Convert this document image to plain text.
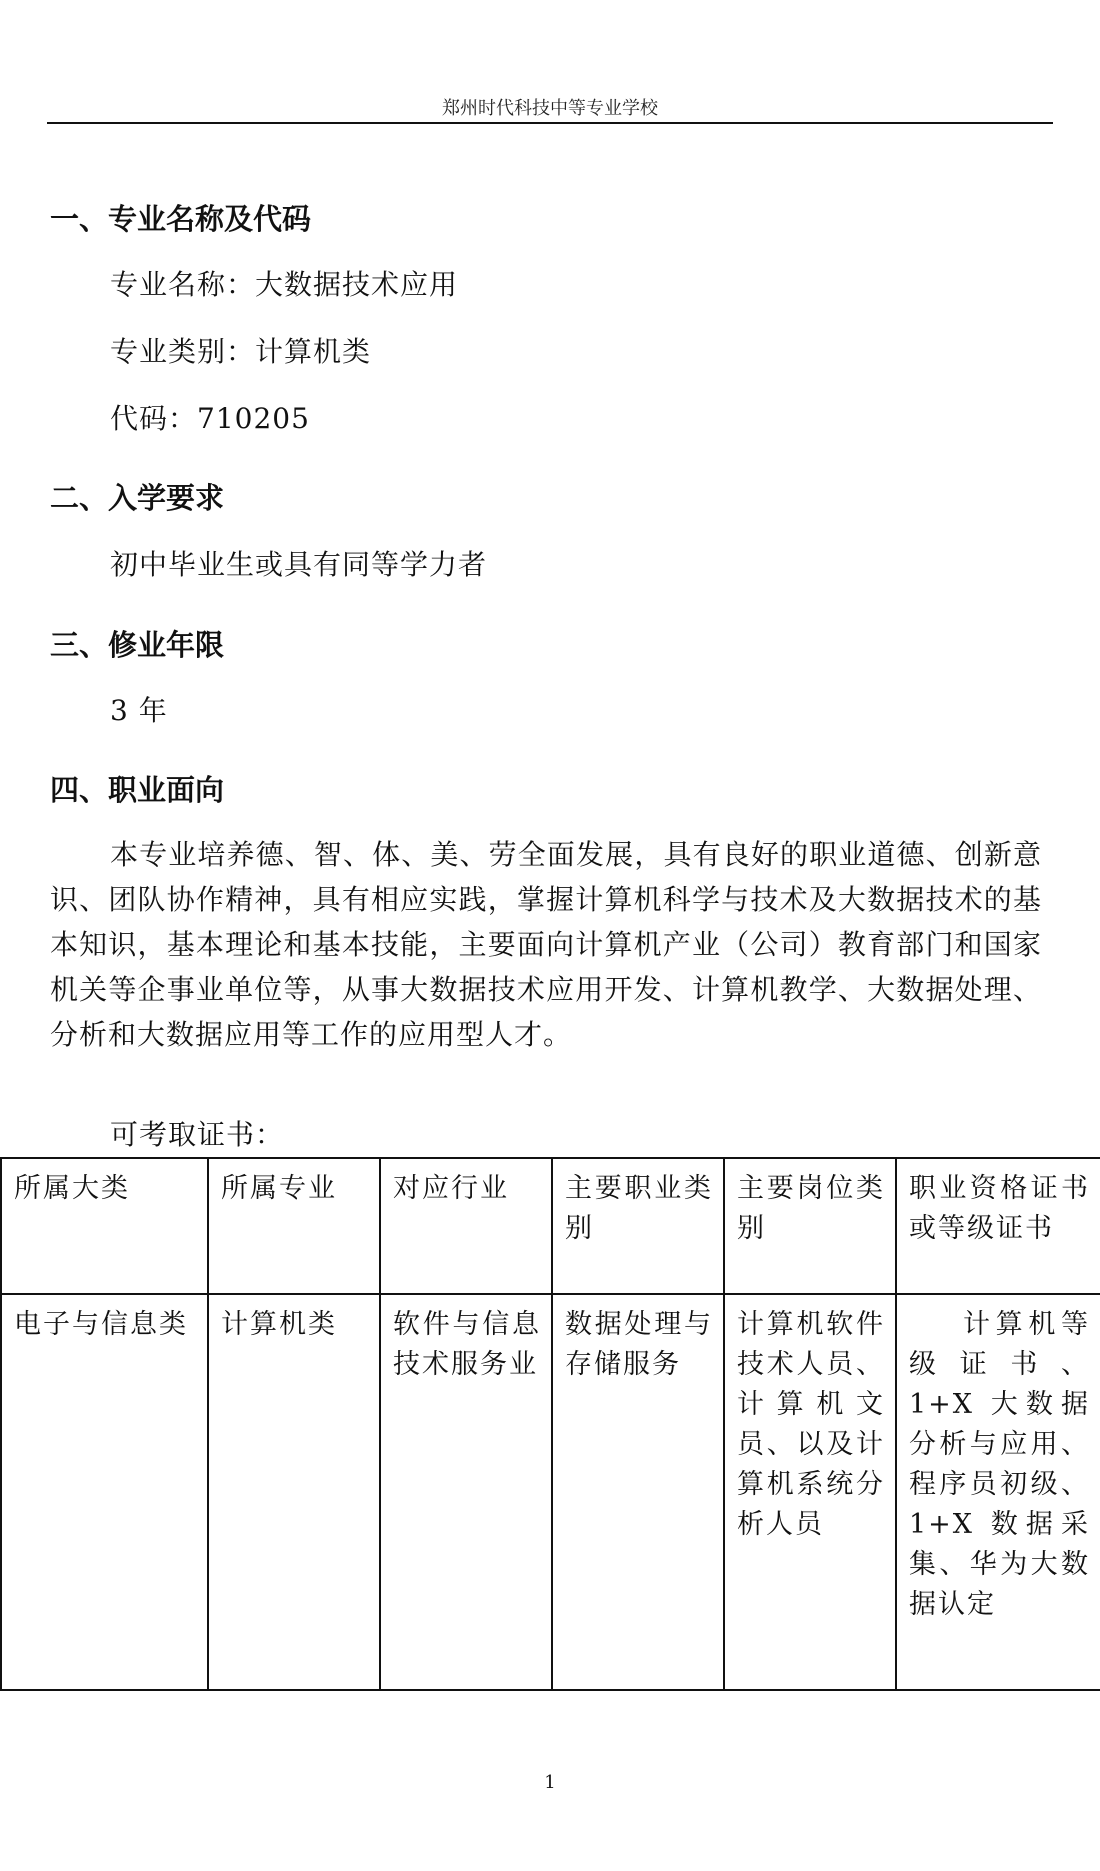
郑州时代科技中等专业学校
一、专业名称及代码
专业名称：大数据技术应用
专业类别：计算机类
代码：710205
二、入学要求
初中毕业生或具有同等学力者
三、修业年限
3 年
四、职业面向
本专业培养德、智、体、美、劳全面发展，具有良好的职业道德、创新意识、团队协作精神，具有相应实践，掌握计算机科学与技术及大数据技术的基本知识，基本理论和基本技能，主要面向计算机产业（公司）教育部门和国家机关等企事业单位等，从事大数据技术应用开发、计算机教学、大数据处理、分析和大数据应用等工作的应用型人才。
可考取证书：
所属大类	所属专业	对应行业	主要职业类别	主要岗位类别	职业资格证书或等级证书
电子与信息类	计算机类	软件与信息技术服务业	数据处理与存储服务	计算机软件技术人员、计算机文员、以及计算机系统分析人员	计算机等级证书、1+X 大数据分析与应用、程序员初级、1+X 数据采集、华为大数据认定
1
